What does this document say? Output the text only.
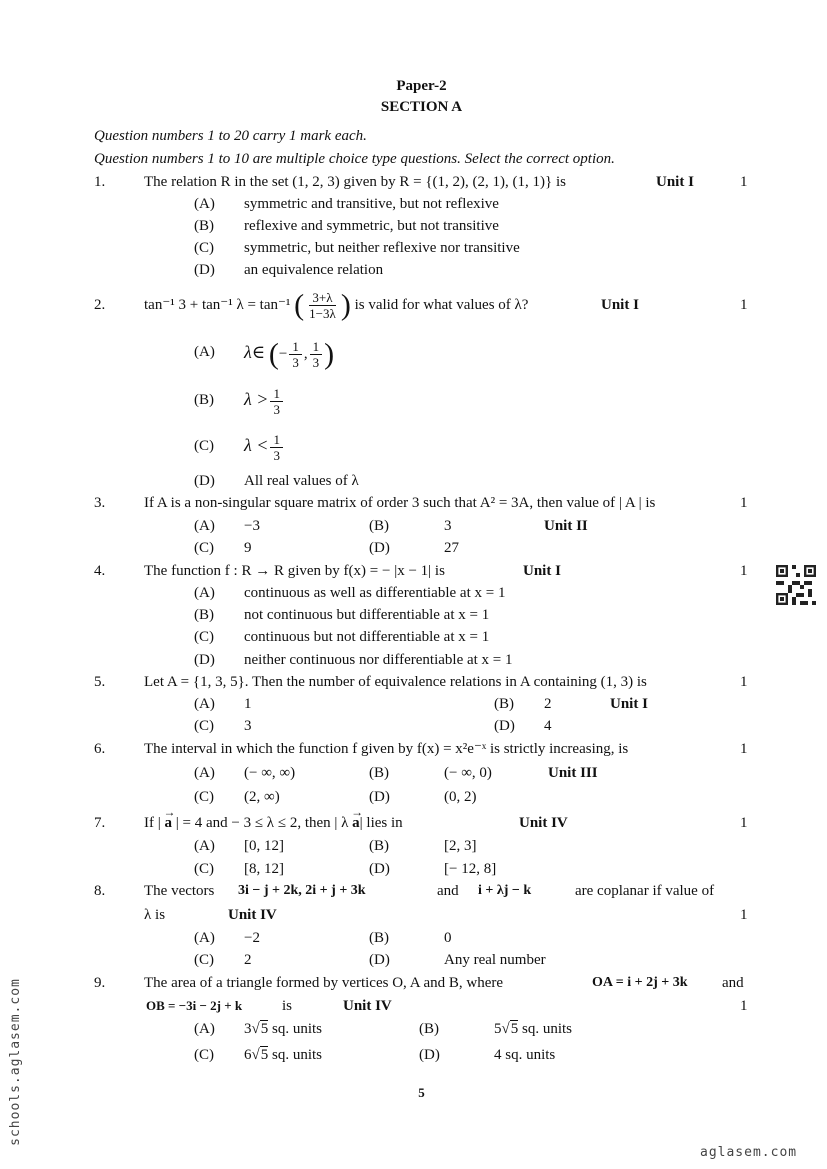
Paper-2
SECTION A
Question numbers 1 to 20 carry 1 mark each.
Question numbers 1 to 10 are multiple choice type questions. Select the correct option.
1.	The relation R in the set (1, 2, 3) given by R = {(1, 2), (2, 1), (1, 1)} is	Unit I	1
(A) symmetric and transitive, but not reflexive
(B) reflexive and symmetric, but not transitive
(C) symmetric, but neither reflexive nor transitive
(D) an equivalence relation
2.	tan⁻¹ 3 + tan⁻¹ λ = tan⁻¹ ( $\frac{3+\lambda}{1-3\lambda}$ ) is valid for what values of λ?	Unit I	1
(A) λ∈ (− $\frac{1}{3}$ , $\frac{1}{3}$ )
(B) $\lambda > \frac{1}{3}$
(C) $\lambda < \frac{1}{3}$
(D) All real values of λ
3.	If A is a non-singular square matrix of order 3 such that A² = 3A, then value of | A | is	1
(A) −3	(B)	3	Unit II
(C) 9	(D)	27
4.	The function f : R → R given by f(x) = − |x − 1| is	Unit I	1
(A) continuous as well as differentiable at x = 1
(B) not continuous but differentiable at x = 1
(C) continuous but not differentiable at x = 1
(D) neither continuous nor differentiable at x = 1
5.	Let A = {1, 3, 5}. Then the number of equivalence relations in A containing (1, 3) is	1
(A) 1	(B) 2	Unit I
(C) 3	(D) 4
6.	The interval in which the function f given by f(x) = x²e⁻ˣ is strictly increasing, is	1
(A) (− ∞, ∞)	(B)	(− ∞, 0)	Unit III
(C) (2, ∞)	(D)	(0, 2)
7.	If | → a | = 4 and − 3 ≤ λ ≤ 2, then | λ → a| lies in	Unit IV	1
(A) [0, 12]	(B)	[2, 3]
(C) [8, 12]	(D)	[− 12, 8]
8.	The vectors 3i − j + 2k, 2i + j + 3k	and i + λj − k	are coplanar if value of
λ is	Unit IV	1
(A) −2	(B)	0
(C) 2	(D)	Any real number
9.	The area of a triangle formed by vertices O, A and B, where	OA = i + 2j + 3k and
OB = −3i − 2j + k	is	Unit IV	1
(A) 3√5 sq. units	(B)	5√5 sq. units
(C) 6√5 sq. units	(D)	4 sq. units
5
schools.aglasem.com
aglasem.com
